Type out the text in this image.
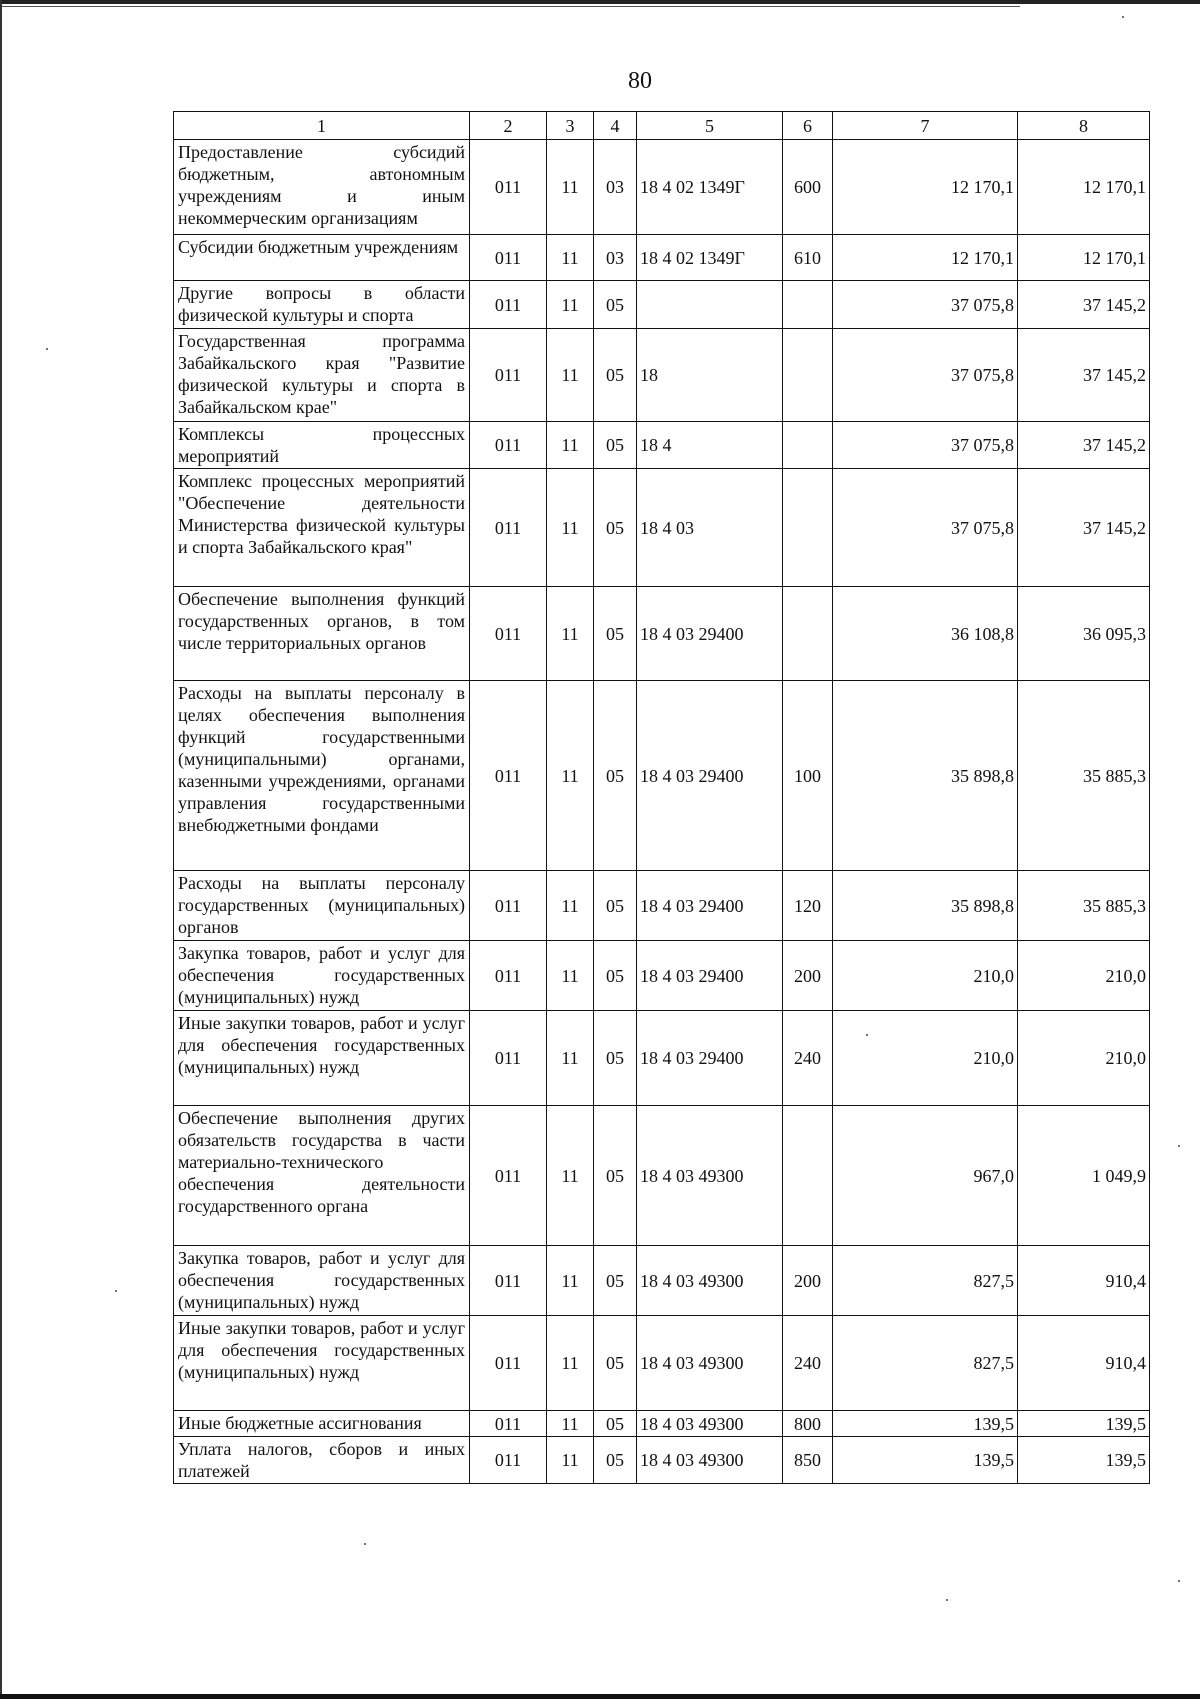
80
1	2	3	4	5	6	7	8
Предоставление субсидий бюджетным, автономным учреждениям и иным некоммерческим организациям	011	11	03	18 4 02 1349Г	600	12 170,1	12 170,1
Субсидии бюджетным учреждениям	011	11	03	18 4 02 1349Г	610	12 170,1	12 170,1
Другие вопросы в области физической культуры и спорта	011	11	05			37 075,8	37 145,2
Государственная программа Забайкальского края "Развитие физической культуры и спорта в Забайкальском крае"	011	11	05	18		37 075,8	37 145,2
Комплексы процессных мероприятий	011	11	05	18 4		37 075,8	37 145,2
Комплекс процессных мероприятий "Обеспечение деятельности Министерства физической культуры и спорта Забайкальского края"	011	11	05	18 4 03		37 075,8	37 145,2
Обеспечение выполнения функций государственных органов, в том числе территориальных органов	011	11	05	18 4 03 29400		36 108,8	36 095,3
Расходы на выплаты персоналу в целях обеспечения выполнения функций государственными (муниципальными) органами, казенными учреждениями, органами управления государственными внебюджетными фондами	011	11	05	18 4 03 29400	100	35 898,8	35 885,3
Расходы на выплаты персоналу государственных (муниципальных) органов	011	11	05	18 4 03 29400	120	35 898,8	35 885,3
Закупка товаров, работ и услуг для обеспечения государственных (муниципальных) нужд	011	11	05	18 4 03 29400	200	210,0	210,0
Иные закупки товаров, работ и услуг для обеспечения государственных (муниципальных) нужд	011	11	05	18 4 03 29400	240	210,0	210,0
Обеспечение выполнения других обязательств государства в части материально-технического обеспечения деятельности государственного органа	011	11	05	18 4 03 49300		967,0	1 049,9
Закупка товаров, работ и услуг для обеспечения государственных (муниципальных) нужд	011	11	05	18 4 03 49300	200	827,5	910,4
Иные закупки товаров, работ и услуг для обеспечения государственных (муниципальных) нужд	011	11	05	18 4 03 49300	240	827,5	910,4
Иные бюджетные ассигнования	011	11	05	18 4 03 49300	800	139,5	139,5
Уплата налогов, сборов и иных платежей	011	11	05	18 4 03 49300	850	139,5	139,5
